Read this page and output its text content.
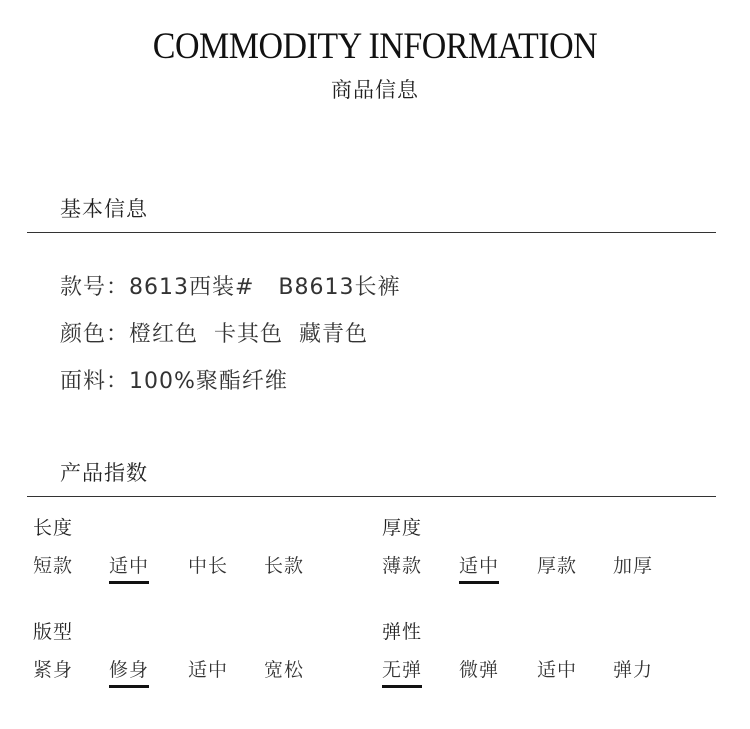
COMMODITY INFORMATION
商品信息
基本信息
款号：8613西装#   B8613长裤
颜色：橙红色  卡其色  藏青色
面料：100%聚酯纤维
产品指数
长度
短款 适中 中长 长款
厚度
薄款 适中 厚款 加厚
版型
紧身 修身 适中 宽松
弹性
无弹 微弹 适中 弹力
